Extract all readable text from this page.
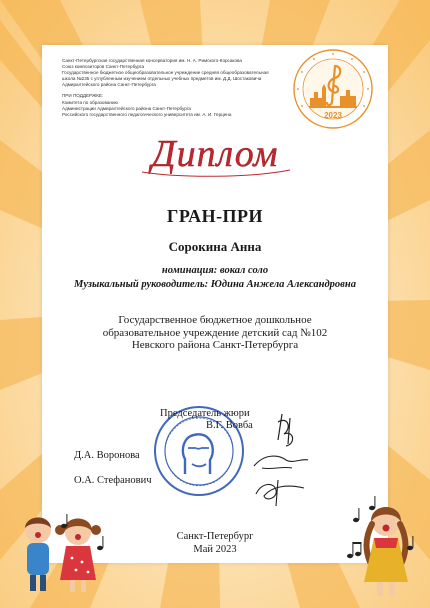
Санкт-Петербургская государственная консерватория им. Н. А. Римского-Корсакова
Союз композиторов Санкт-Петербурга
Государственное бюджетное общеобразовательное учреждение средняя общеобразовательная
школа №235 с углубленным изучением отдельных учебных предметов им. Д.Д. Шостаковича
Адмиралтейского района Санкт-Петербурга
ПРИ ПОДДЕРЖКЕ:
Комитета по образованию
Администрации Адмиралтейского района Санкт-Петербурга
Российского государственного педагогического университета им. А. И. Герцена	2023
Диплом
ГРАН-ПРИ
Сорокина Анна
номинация: вокал соло
Музыкальный руководитель: Юдина Анжела Александровна
Государственное бюджетное дошкольное
образовательное учреждение детский сад №102
Невского района Санкт-Петербурга
Председатель жюри
В.Г. Вовба
Д.А. Воронова
О.А. Стефанович
Санкт-Петербург
Май 2023
